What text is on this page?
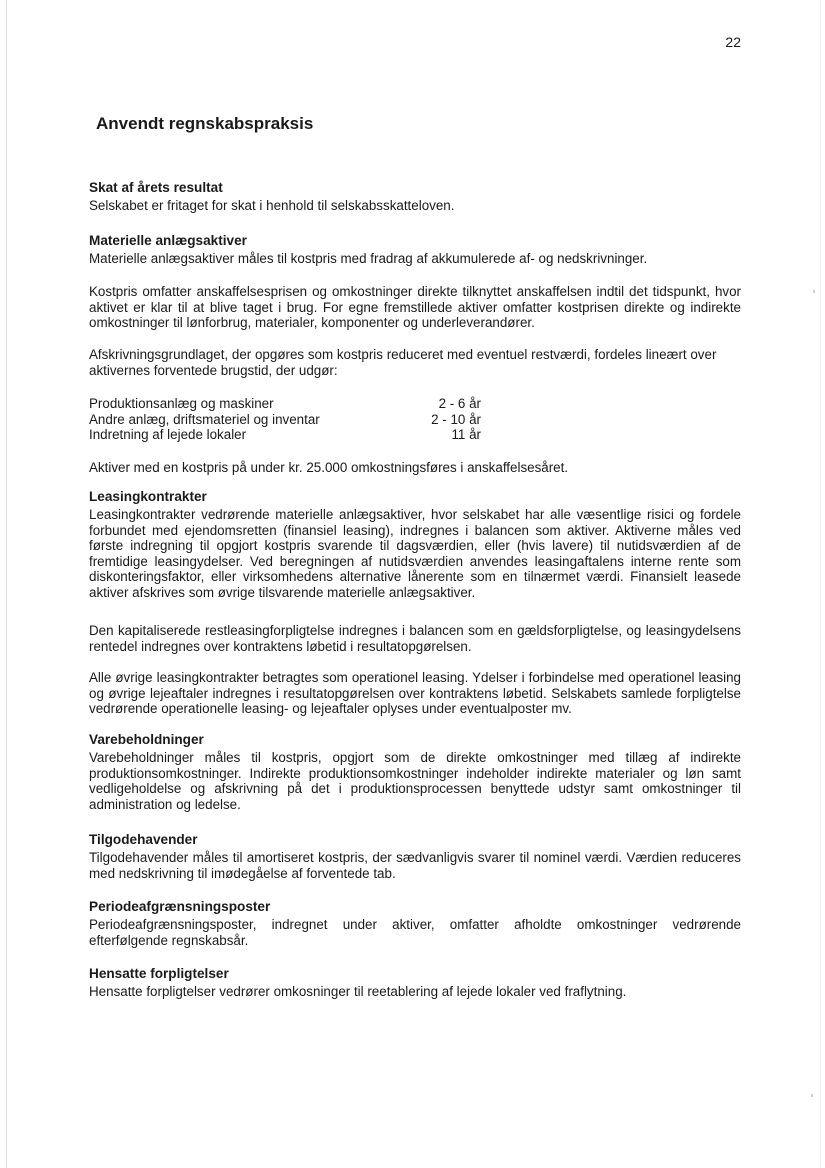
22
Anvendt regnskabspraksis
Skat af årets resultat

Selskabet er fritaget for skat i henhold til selskabsskatteloven.

Materielle anlægsaktiver

Materielle anlægsaktiver måles til kostpris med fradrag af akkumulerede af- og nedskrivninger.

Kostpris omfatter anskaffelsesprisen og omkostninger direkte tilknyttet anskaffelsen indtil det tidspunkt, hvor aktivet er klar til at blive taget i brug. For egne fremstillede aktiver omfatter kostprisen direkte og indirekte omkostninger til lønforbrug, materialer, komponenter og underleverandører.

Afskrivningsgrundlaget, der opgøres som kostpris reduceret med eventuel restværdi, fordeles lineært over aktivernes forventede brugstid, der udgør:

Produktionsanlæg og maskiner	2 - 6 år
Andre anlæg, driftsmateriel og inventar	2 - 10 år
Indretning af lejede lokaler	11 år

Aktiver med en kostpris på under kr. 25.000 omkostningsføres i anskaffelsesåret.

Leasingkontrakter

Leasingkontrakter vedrørende materielle anlægsaktiver, hvor selskabet har alle væsentlige risici og fordele forbundet med ejendomsretten (finansiel leasing), indregnes i balancen som aktiver. Aktiverne måles ved første indregning til opgjort kostpris svarende til dagsværdien, eller (hvis lavere) til nutidsværdien af de fremtidige leasingydelser. Ved beregningen af nutidsværdien anvendes leasingaftalens interne rente som diskonteringsfaktor, eller virksomhedens alternative lånerente som en tilnærmet værdi. Finansielt leasede aktiver afskrives som øvrige tilsvarende materielle anlægsaktiver.

Den kapitaliserede restleasingforpligtelse indregnes i balancen som en gældsforpligtelse, og leasingydelsens rentedel indregnes over kontraktens løbetid i resultatopgørelsen.

Alle øvrige leasingkontrakter betragtes som operationel leasing. Ydelser i forbindelse med operationel leasing og øvrige lejeaftaler indregnes i resultatopgørelsen over kontraktens løbetid. Selskabets samlede forpligtelse vedrørende operationelle leasing- og lejeaftaler oplyses under eventualposter mv.

Varebeholdninger

Varebeholdninger måles til kostpris, opgjort som de direkte omkostninger med tillæg af indirekte produktionsomkostninger. Indirekte produktionsomkostninger indeholder indirekte materialer og løn samt vedligeholdelse og afskrivning på det i produktionsprocessen benyttede udstyr samt omkostninger til administration og ledelse.

Tilgodehavender

Tilgodehavender måles til amortiseret kostpris, der sædvanligvis svarer til nominel værdi. Værdien reduceres med nedskrivning til imødegåelse af forventede tab.

Periodeafgrænsningsposter

Periodeafgrænsningsposter, indregnet under aktiver, omfatter afholdte omkostninger vedrørende efterfølgende regnskabsår.

Hensatte forpligtelser

Hensatte forpligtelser vedrører omkosninger til reetablering af lejede lokaler ved fraflytning.
